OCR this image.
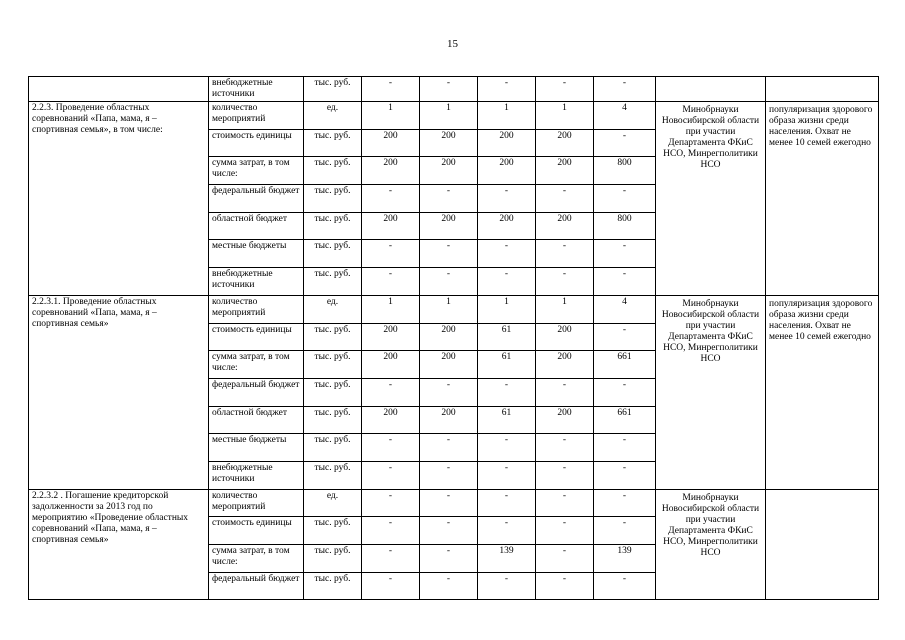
15
	внебюджетные источники	тыс. руб.	-	-	-	-	-		
2.2.3. Проведение областных соревнований «Папа, мама, я – спортивная семья», в том числе:	количество мероприятий	ед.	1	1	1	1	4	Минобрнауки Новосибирской области при участии Департамента ФКиС НСО, Минрегполитики НСО	популяризация здорового образа жизни среди населения. Охват не менее 10 семей ежегодно
	стоимость единицы	тыс. руб.	200	200	200	200	-		
	сумма затрат, в том числе:	тыс. руб.	200	200	200	200	800		
	федеральный бюджет	тыс. руб.	-	-	-	-	-		
	областной бюджет	тыс. руб.	200	200	200	200	800		
	местные бюджеты	тыс. руб.	-	-	-	-	-		
	внебюджетные источники	тыс. руб.	-	-	-	-	-		
2.2.3.1. Проведение областных соревнований «Папа, мама, я – спортивная семья»	количество мероприятий	ед.	1	1	1	1	4	Минобрнауки Новосибирской области при участии Департамента ФКиС НСО, Минрегполитики НСО	популяризация здорового образа жизни среди населения. Охват не менее 10 семей ежегодно
	стоимость единицы	тыс. руб.	200	200	61	200	-		
	сумма затрат, в том числе:	тыс. руб.	200	200	61	200	661		
	федеральный бюджет	тыс. руб.	-	-	-	-	-		
	областной бюджет	тыс. руб.	200	200	61	200	661		
	местные бюджеты	тыс. руб.	-	-	-	-	-		
	внебюджетные источники	тыс. руб.	-	-	-	-	-		
2.2.3.2 . Погашение кредиторской задолженности за 2013 год по мероприятию «Проведение областных соревнований «Папа, мама, я – спортивная семья»	количество мероприятий	ед.	-	-	-	-	-	Минобрнауки Новосибирской области при участии Департамента ФКиС НСО, Минрегполитики НСО	
	стоимость единицы	тыс. руб.	-	-	-	-	-		
	сумма затрат, в том числе:	тыс. руб.	-	-	139	-	139		
	федеральный бюджет	тыс. руб.	-	-	-	-	-		
